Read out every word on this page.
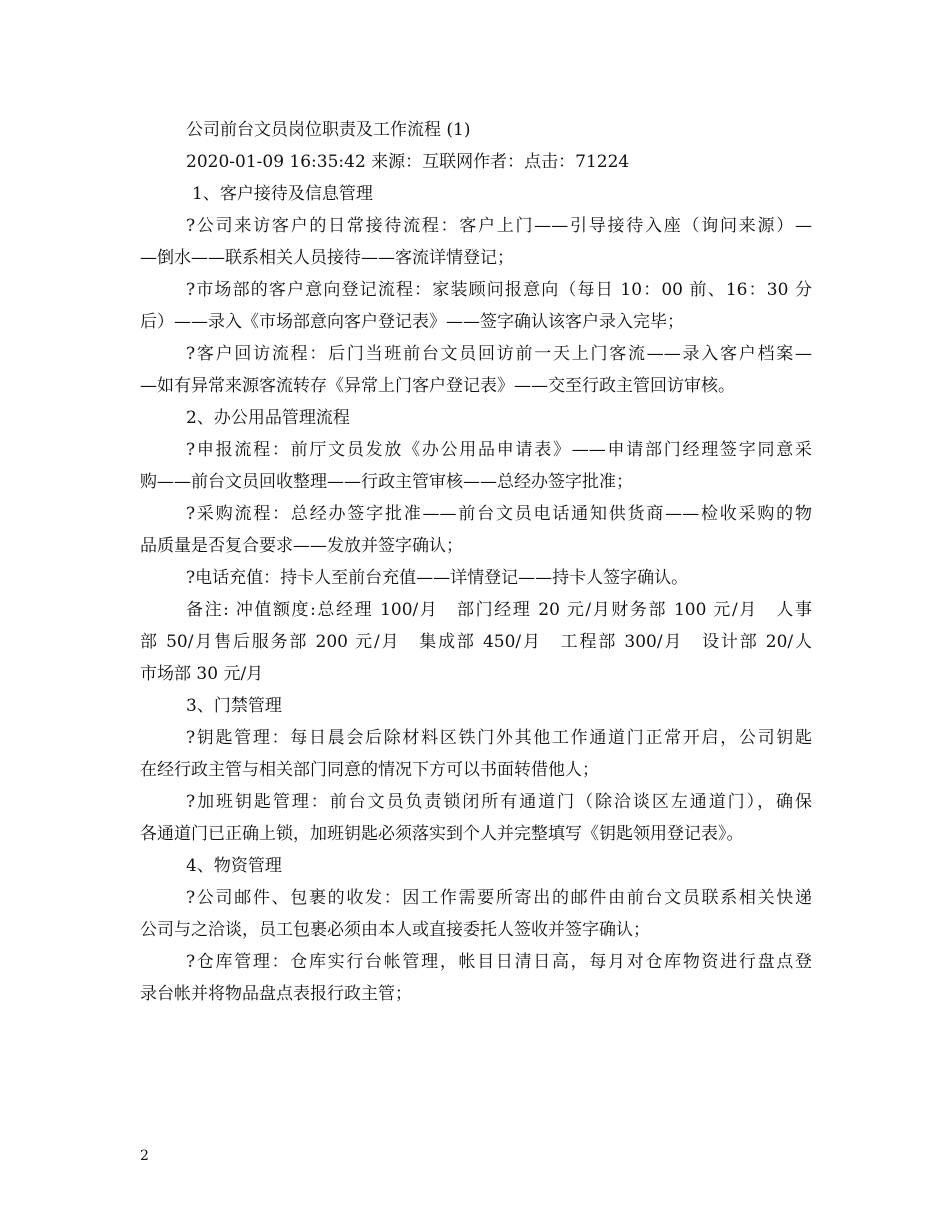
公司前台文员岗位职责及工作流程 (1)
2020-01-09 16:35:42 来源：互联网作者：点击：71224
1、客户接待及信息管理
?公司来访客户的日常接待流程：客户上门——引导接待入座（询问来源）—
—倒水——联系相关人员接待——客流详情登记；
?市场部的客户意向登记流程：家装顾问报意向（每日 10：00 前、16：30 分
后）——录入《市场部意向客户登记表》——签字确认该客户录入完毕；
?客户回访流程：后门当班前台文员回访前一天上门客流——录入客户档案—
—如有异常来源客流转存《异常上门客户登记表》——交至行政主管回访审核。
2、办公用品管理流程
?申报流程：前厅文员发放《办公用品申请表》——申请部门经理签字同意采
购——前台文员回收整理——行政主管审核——总经办签字批准；
?采购流程：总经办签字批准——前台文员电话通知供货商——检收采购的物
品质量是否复合要求——发放并签字确认；
?电话充值：持卡人至前台充值——详情登记——持卡人签字确认。
备注: 冲值额度:总经理 100/月　部门经理 20 元/月财务部 100 元/月　人事
部 50/月售后服务部 200 元/月　集成部 450/月　工程部 300/月　设计部 20/人
市场部 30 元/月
3、门禁管理
?钥匙管理：每日晨会后除材料区铁门外其他工作通道门正常开启，公司钥匙
在经行政主管与相关部门同意的情况下方可以书面转借他人；
?加班钥匙管理：前台文员负责锁闭所有通道门（除洽谈区左通道门），确保
各通道门已正确上锁，加班钥匙必须落实到个人并完整填写《钥匙领用登记表》。
4、物资管理
?公司邮件、包裹的收发：因工作需要所寄出的邮件由前台文员联系相关快递
公司与之洽谈，员工包裹必须由本人或直接委托人签收并签字确认；
?仓库管理：仓库实行台帐管理，帐目日清日高，每月对仓库物资进行盘点登
录台帐并将物品盘点表报行政主管；
2
